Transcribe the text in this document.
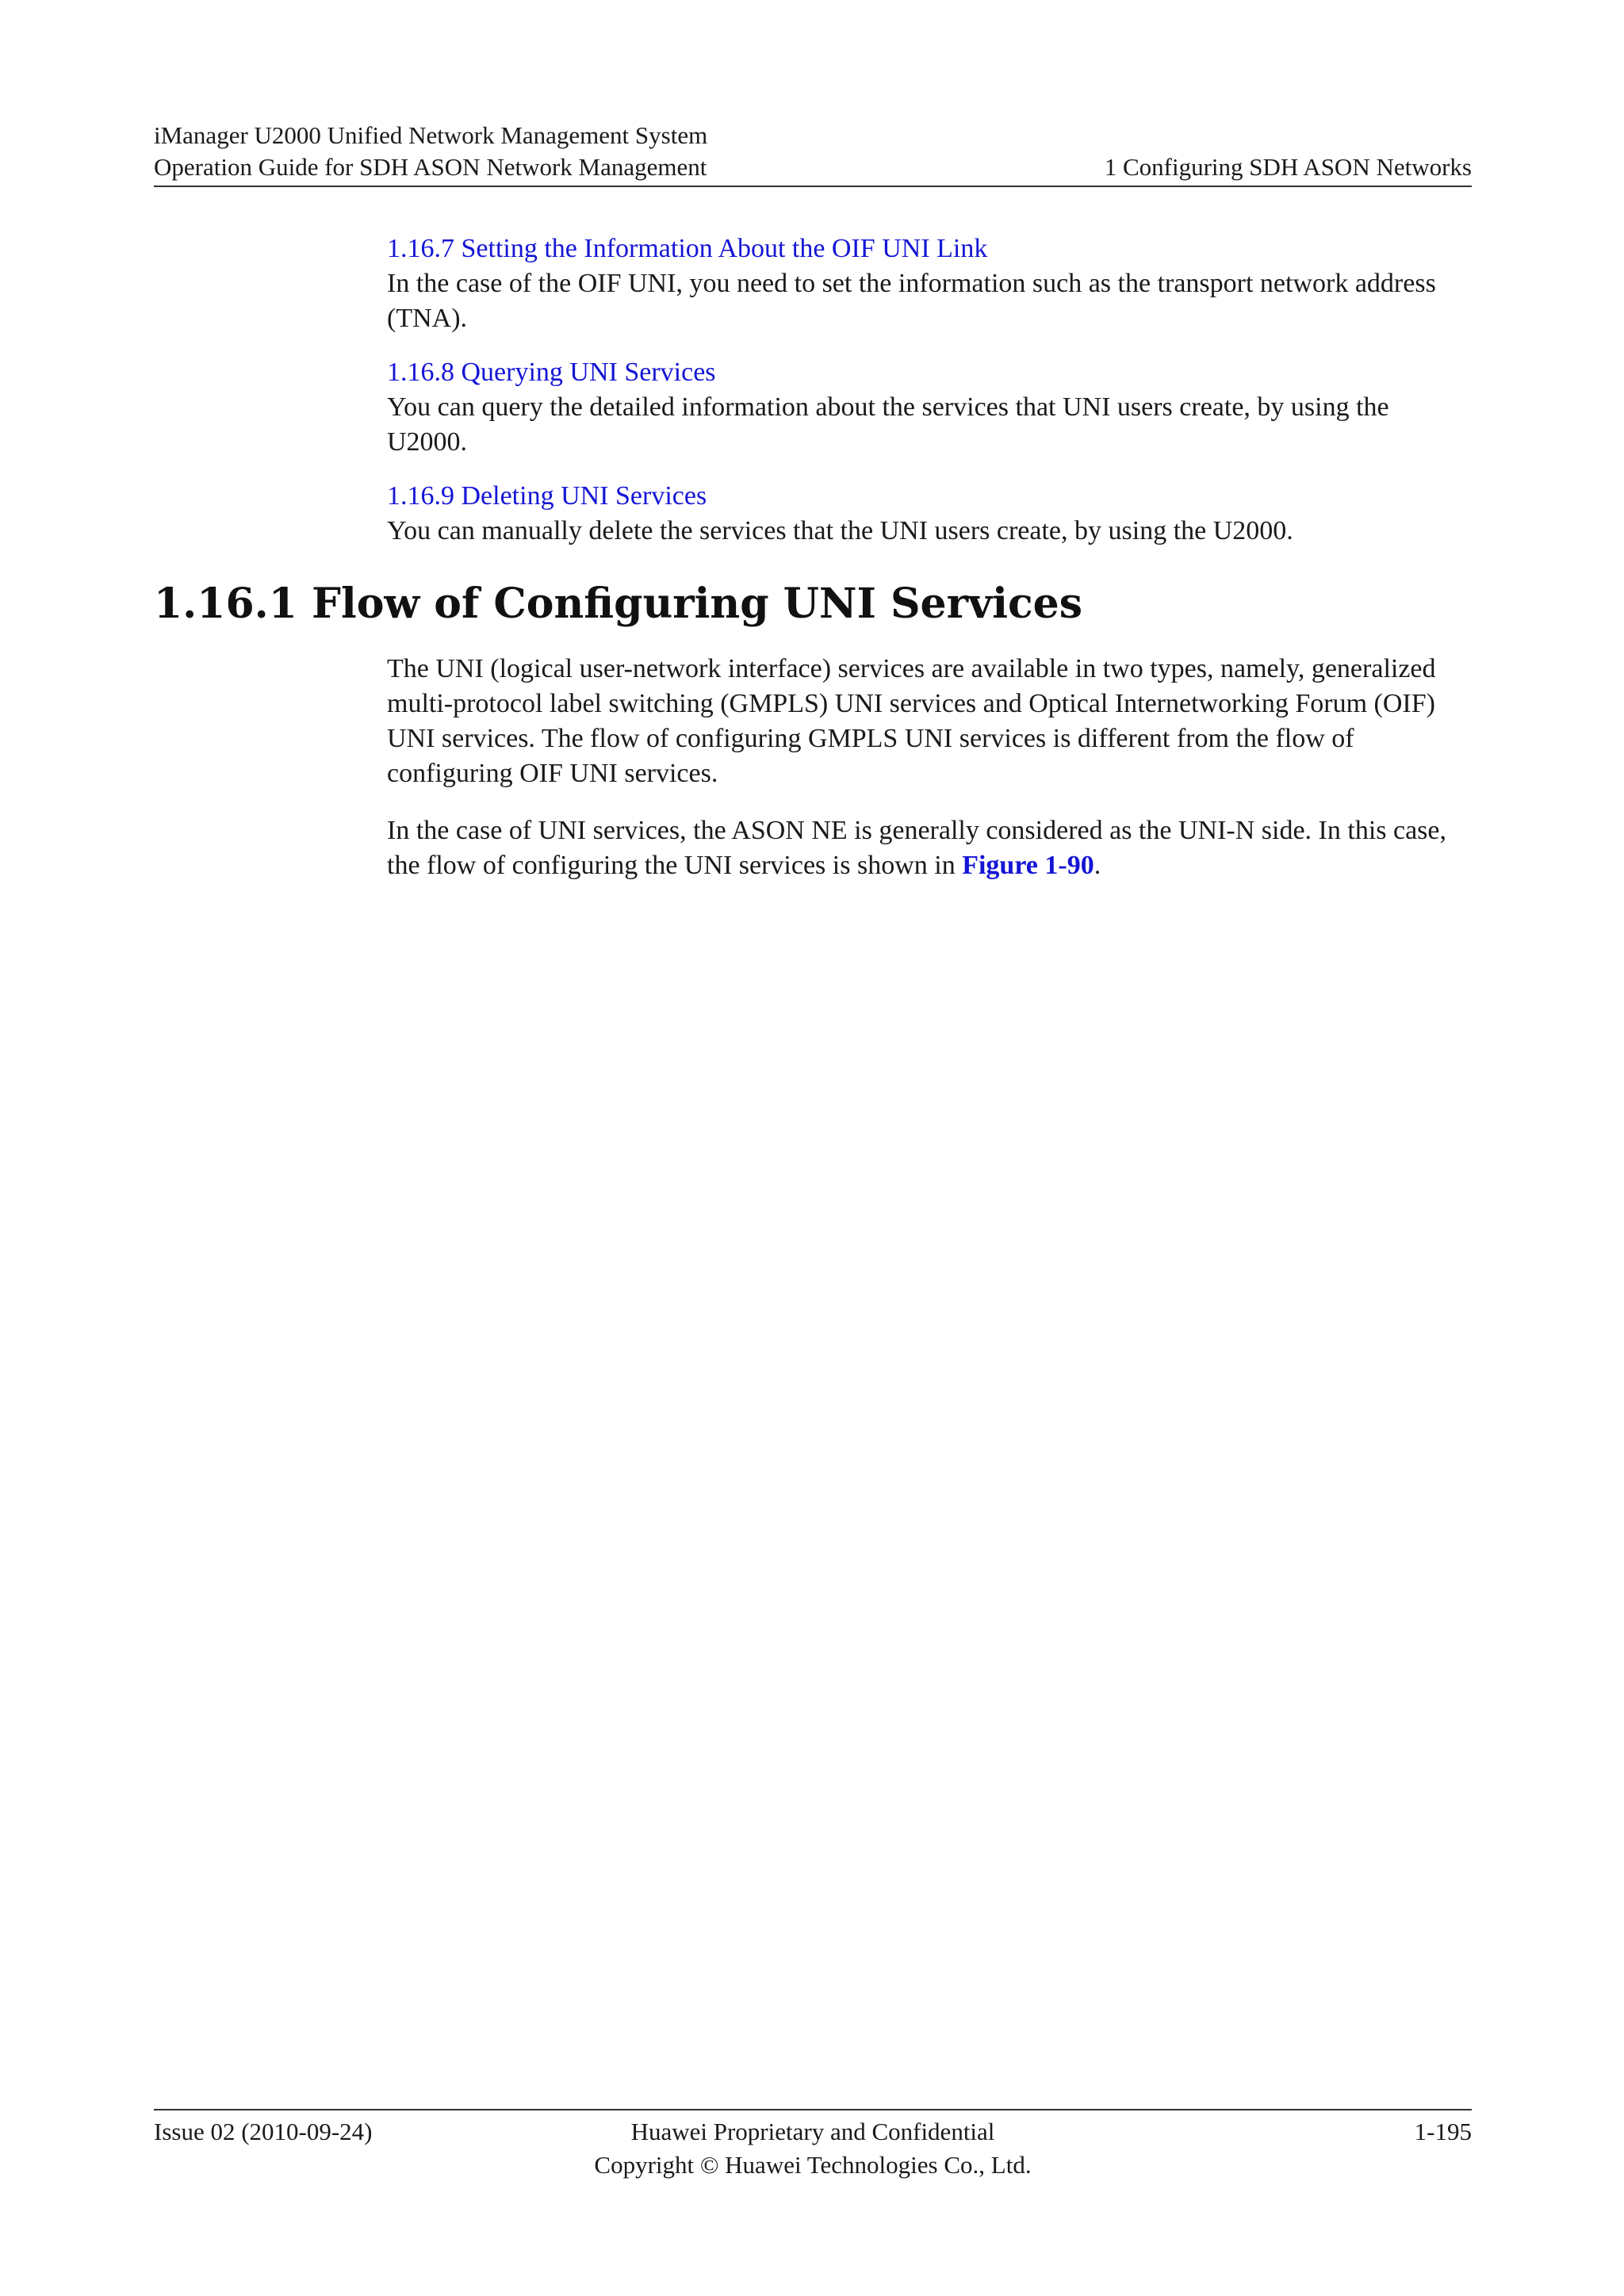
iManager U2000 Unified Network Management System
Operation Guide for SDH ASON Network Management	1 Configuring SDH ASON Networks
1.16.7 Setting the Information About the OIF UNI Link

In the case of the OIF UNI, you need to set the information such as the transport network address (TNA).

1.16.8 Querying UNI Services

You can query the detailed information about the services that UNI users create, by using the U2000.

1.16.9 Deleting UNI Services

You can manually delete the services that the UNI users create, by using the U2000.

1.16.1 Flow of Configuring UNI Services

The UNI (logical user-network interface) services are available in two types, namely, generalized multi-protocol label switching (GMPLS) UNI services and Optical Internetworking Forum (OIF) UNI services. The flow of configuring GMPLS UNI services is different from the flow of configuring OIF UNI services.

In the case of UNI services, the ASON NE is generally considered as the UNI-N side. In this case, the flow of configuring the UNI services is shown in Figure 1-90.

Issue 02 (2010-09-24)	Huawei Proprietary and Confidential
Copyright © Huawei Technologies Co., Ltd.
1-195
